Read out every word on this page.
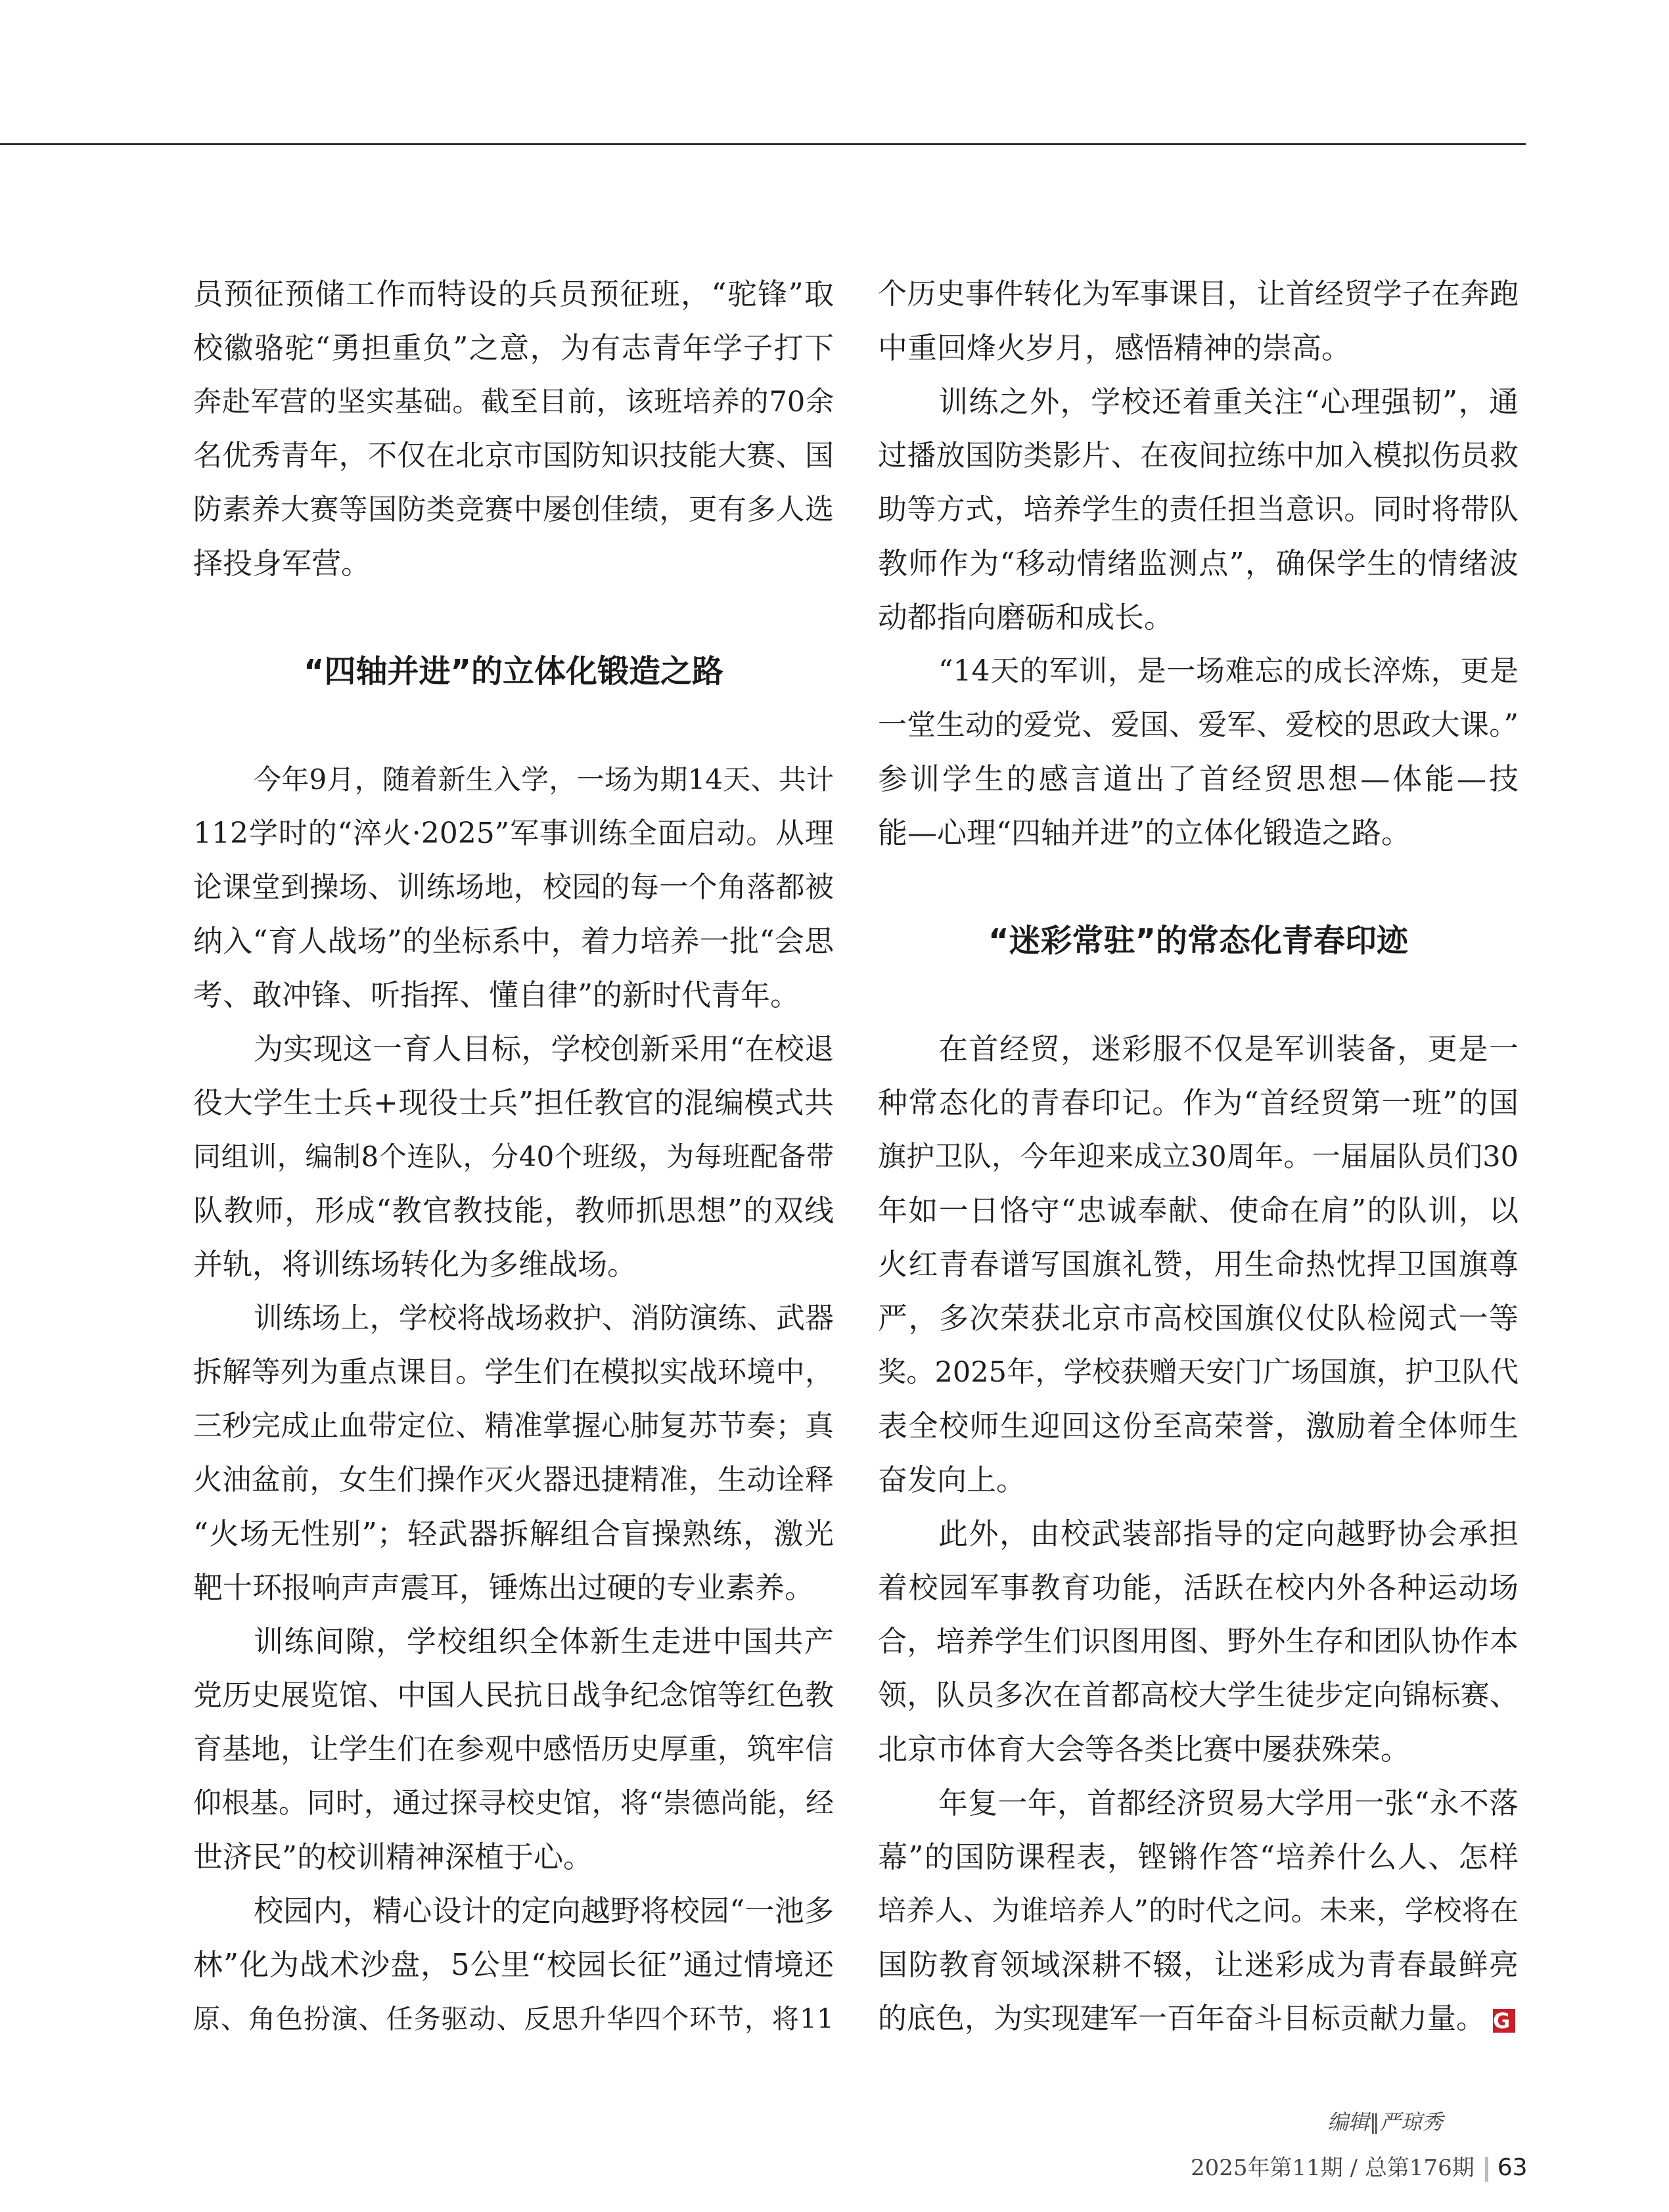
员预征预储工作而特设的兵员预征班，“驼锋”取
校徽骆驼“勇担重负”之意，为有志青年学子打下
奔赴军营的坚实基础。截至目前，该班培养的70余
名优秀青年，不仅在北京市国防知识技能大赛、国
防素养大赛等国防类竞赛中屡创佳绩，更有多人选
择投身军营。
“四轴并进”的立体化锻造之路
今年9月，随着新生入学，一场为期14天、共计
112学时的“淬火·2025”军事训练全面启动。从理
论课堂到操场、训练场地，校园的每一个角落都被
纳入“育人战场”的坐标系中，着力培养一批“会思
考、敢冲锋、听指挥、懂自律”的新时代青年。
为实现这一育人目标，学校创新采用“在校退
役大学生士兵+现役士兵”担任教官的混编模式共
同组训，编制8个连队，分40个班级，为每班配备带
队教师，形成“教官教技能，教师抓思想”的双线
并轨，将训练场转化为多维战场。
训练场上，学校将战场救护、消防演练、武器
拆解等列为重点课目。学生们在模拟实战环境中，
三秒完成止血带定位、精准掌握心肺复苏节奏；真
火油盆前，女生们操作灭火器迅捷精准，生动诠释
“火场无性别”；轻武器拆解组合盲操熟练，激光
靶十环报响声声震耳，锤炼出过硬的专业素养。
训练间隙，学校组织全体新生走进中国共产
党历史展览馆、中国人民抗日战争纪念馆等红色教
育基地，让学生们在参观中感悟历史厚重，筑牢信
仰根基。同时，通过探寻校史馆，将“崇德尚能，经
世济民”的校训精神深植于心。
校园内，精心设计的定向越野将校园“一池多
林”化为战术沙盘，5公里“校园长征”通过情境还
原、角色扮演、任务驱动、反思升华四个环节，将11
个历史事件转化为军事课目，让首经贸学子在奔跑
中重回烽火岁月，感悟精神的崇高。
训练之外，学校还着重关注“心理强韧”，通
过播放国防类影片、在夜间拉练中加入模拟伤员救
助等方式，培养学生的责任担当意识。同时将带队
教师作为“移动情绪监测点”，确保学生的情绪波
动都指向磨砺和成长。
“14天的军训，是一场难忘的成长淬炼，更是
一堂生动的爱党、爱国、爱军、爱校的思政大课。”
参训学生的感言道出了首经贸思想—体能—技
能—心理“四轴并进”的立体化锻造之路。
“迷彩常驻”的常态化青春印迹
在首经贸，迷彩服不仅是军训装备，更是一
种常态化的青春印记。作为“首经贸第一班”的国
旗护卫队，今年迎来成立30周年。一届届队员们30
年如一日恪守“忠诚奉献、使命在肩”的队训，以
火红青春谱写国旗礼赞，用生命热忱捍卫国旗尊
严，多次荣获北京市高校国旗仪仗队检阅式一等
奖。2025年，学校获赠天安门广场国旗，护卫队代
表全校师生迎回这份至高荣誉，激励着全体师生
奋发向上。
此外，由校武装部指导的定向越野协会承担
着校园军事教育功能，活跃在校内外各种运动场
合，培养学生们识图用图、野外生存和团队协作本
领，队员多次在首都高校大学生徒步定向锦标赛、
北京市体育大会等各类比赛中屡获殊荣。
年复一年，首都经济贸易大学用一张“永不落
幕”的国防课程表，铿锵作答“培养什么人、怎样
培养人、为谁培养人”的时代之问。未来，学校将在
国防教育领域深耕不辍，让迷彩成为青春最鲜亮
的底色，为实现建军一百年奋斗目标贡献力量。 G
编辑∥严琼秀
2025年第11期 / 总第176期 63
